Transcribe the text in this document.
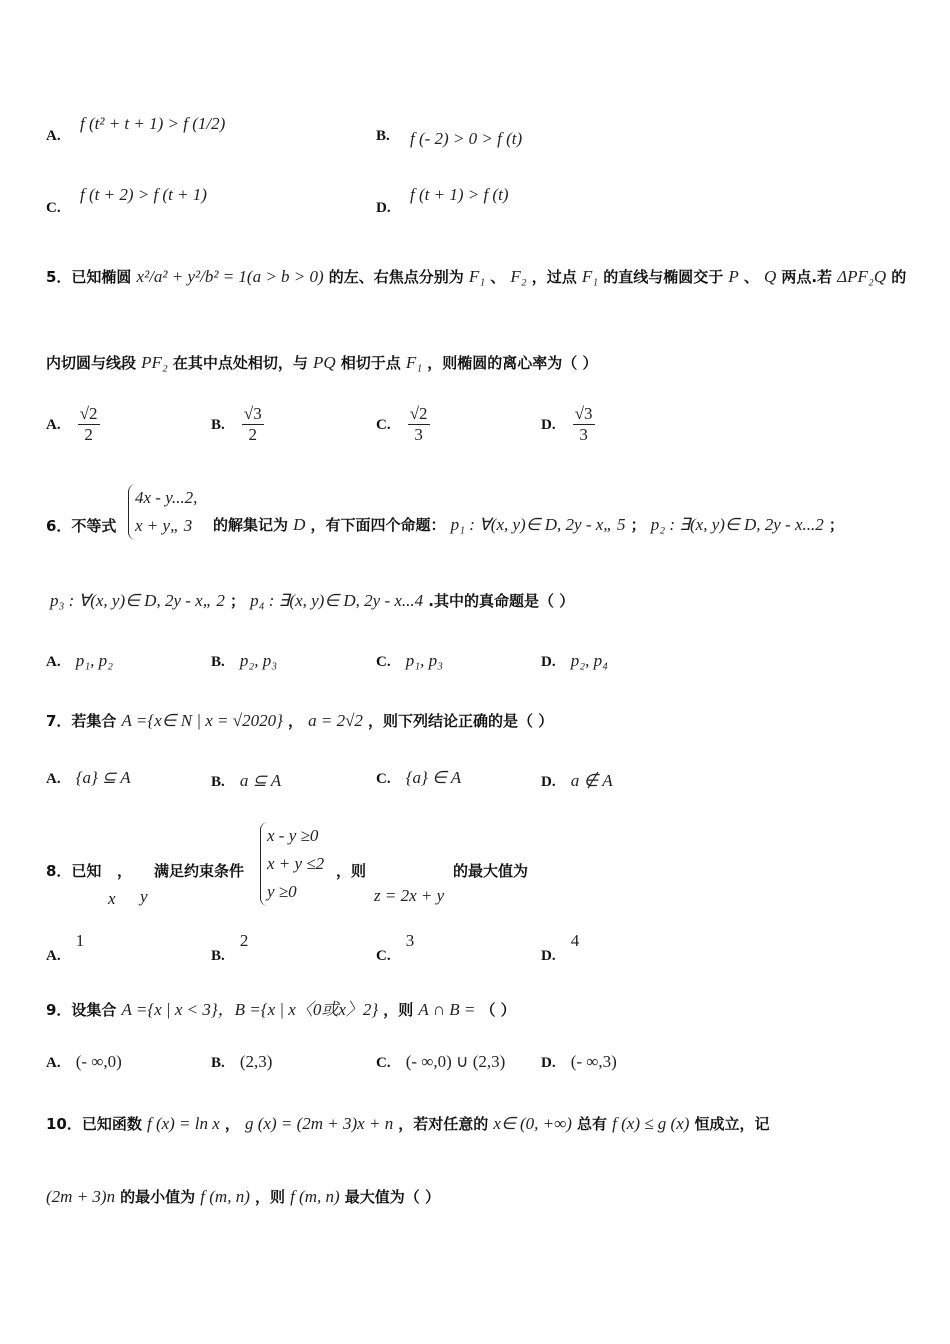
A.
f (t² + t + 1) > f (1/2)
B. f (- 2) > 0 > f (t)
C.
f (t + 2) > f (t + 1)
D.
f (t + 1) > f (t)
5．已知椭圆 x²/a² + y²/b² = 1(a > b > 0) 的左、右焦点分别为 F₁ 、 F₂ ，过点 F₁ 的直线与椭圆交于 P 、 Q 两点.若 ΔPF₂Q 的
内切圆与线段 PF₂ 在其中点处相切，与 PQ 相切于点 F₁ ，则椭圆的离心率为（ ）
A. $\frac{√2}{2}$	B. $\frac{√3}{2}$	C. $\frac{√2}{3}$	D. $\frac{√3}{3}$
6．不等式
4x - y...2,
x + y„ 3	的解集记为 D ，有下面四个命题： p₁ : ∀(x, y)∈ D, 2y - x„ 5 ； p₂ : ∃(x, y)∈ D, 2y - x...2 ；
p₃ : ∀(x, y)∈ D, 2y - x„ 2 ； p₄ : ∃(x, y)∈ D, 2y - x...4 .其中的真命题是（ ）
A. p₁, p₂	B. p₂, p₃	C. p₁, p₃	D. p₂, p₄
7．若集合 A ={x∈ N | x = √2020} ， a = 2√2 ，则下列结论正确的是（ ）
A. {a} ⊆ A	B. a ⊆ A	C. {a} ∈ A	D. a ∉ A
8．已知
x
，
y
满足约束条件
x - y ≥0
x + y ≤2
y ≥0
，则
z = 2x + y
的最大值为
A. 1
B. 2
C. 3
D. 4
9．设集合 A ={x | x < 3}，B ={x | x〈0或x〉2} ，则 A ∩ B = （ ）
A. (- ∞,0)	B. (2,3)	C. (- ∞,0) ∪ (2,3) D. (- ∞,3)
10．已知函数 f (x) = ln x ， g (x) = (2m + 3)x + n ，若对任意的 x∈ (0, +∞) 总有 f (x) ≤ g (x) 恒成立，记
(2m + 3)n 的最小值为 f (m, n) ，则 f (m, n) 最大值为（ ）
